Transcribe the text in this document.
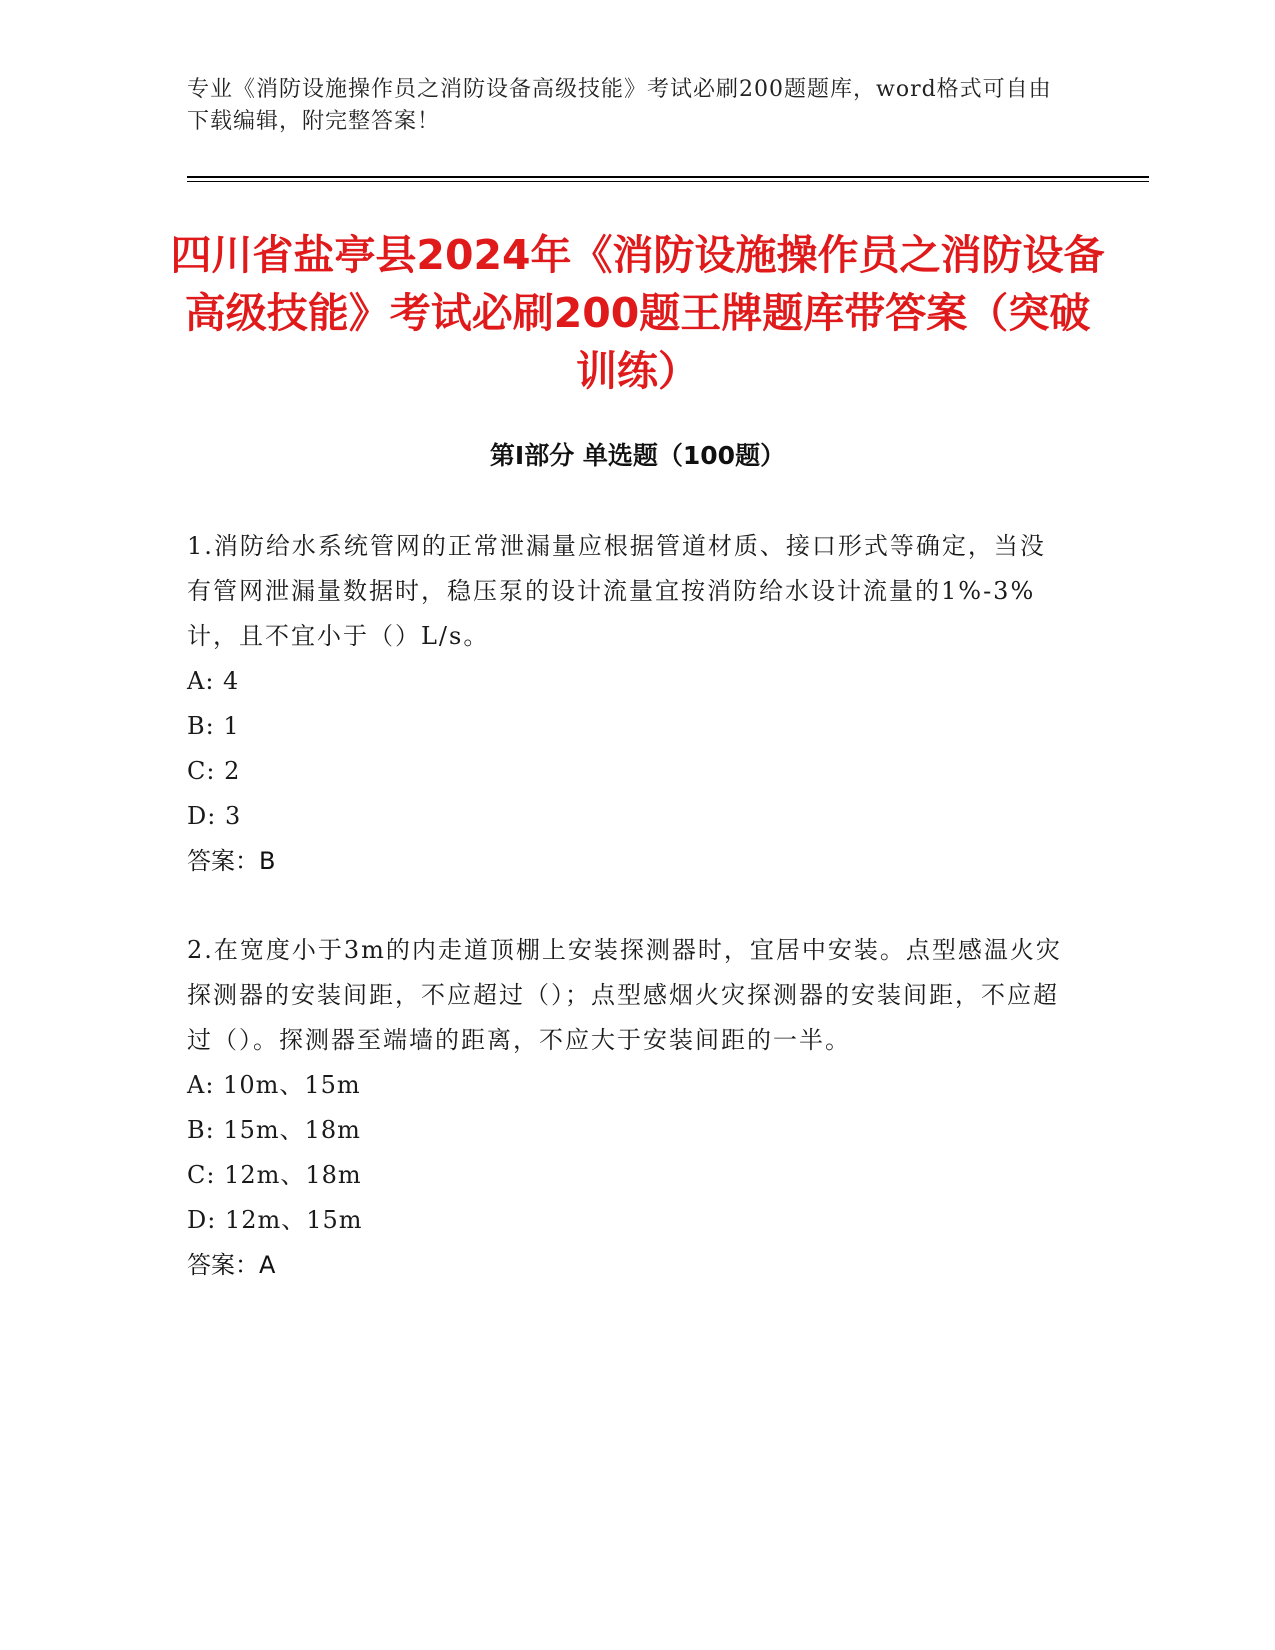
专业《消防设施操作员之消防设备高级技能》考试必刷200题题库，word格式可自由下载编辑，附完整答案！
四川省盐亭县2024年《消防设施操作员之消防设备高级技能》考试必刷200题王牌题库带答案（突破训练）
第Ⅰ部分 单选题（100题）

1.消防给水系统管网的正常泄漏量应根据管道材质、接口形式等确定，当没有管网泄漏量数据时，稳压泵的设计流量宜按消防给水设计流量的1%-3%计，且不宜小于（）L/s。

A: 4

B: 1

C: 2

D: 3

答案：B

2.在宽度小于3m的内走道顶棚上安装探测器时，宜居中安装。点型感温火灾探测器的安装间距，不应超过（）；点型感烟火灾探测器的安装间距，不应超过（）。探测器至端墙的距离，不应大于安装间距的一半。

A: 10m、15m

B: 15m、18m

C: 12m、18m

D: 12m、15m

答案：A
